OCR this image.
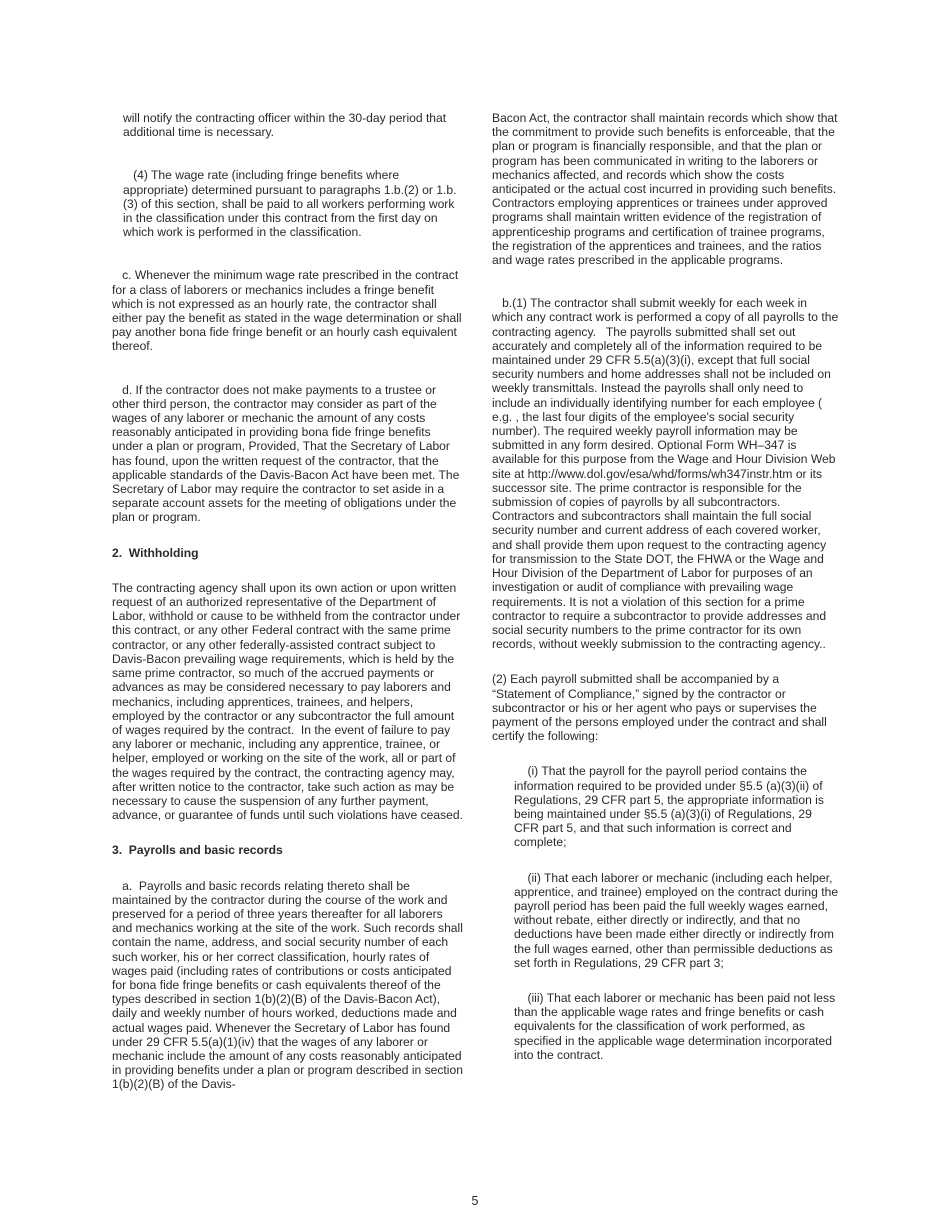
will notify the contracting officer within the 30-day period that additional time is necessary.

(4) The wage rate (including fringe benefits where appropriate) determined pursuant to paragraphs 1.b.(2) or 1.b.(3) of this section, shall be paid to all workers performing work in the classification under this contract from the first day on which work is performed in the classification.

c. Whenever the minimum wage rate prescribed in the contract for a class of laborers or mechanics includes a fringe benefit which is not expressed as an hourly rate, the contractor shall either pay the benefit as stated in the wage determination or shall pay another bona fide fringe benefit or an hourly cash equivalent thereof.

d. If the contractor does not make payments to a trustee or other third person, the contractor may consider as part of the wages of any laborer or mechanic the amount of any costs reasonably anticipated in providing bona fide fringe benefits under a plan or program, Provided, That the Secretary of Labor has found, upon the written request of the contractor, that the applicable standards of the Davis-Bacon Act have been met. The Secretary of Labor may require the contractor to set aside in a separate account assets for the meeting of obligations under the plan or program.

2.  Withholding

The contracting agency shall upon its own action or upon written request of an authorized representative of the Department of Labor, withhold or cause to be withheld from the contractor under this contract, or any other Federal contract with the same prime contractor, or any other federally-assisted contract subject to Davis-Bacon prevailing wage requirements, which is held by the same prime contractor, so much of the accrued payments or advances as may be considered necessary to pay laborers and mechanics, including apprentices, trainees, and helpers, employed by the contractor or any subcontractor the full amount of wages required by the contract.  In the event of failure to pay any laborer or mechanic, including any apprentice, trainee, or helper, employed or working on the site of the work, all or part of the wages required by the contract, the contracting agency may, after written notice to the contractor, take such action as may be necessary to cause the suspension of any further payment, advance, or guarantee of funds until such violations have ceased.

3.  Payrolls and basic records

a.  Payrolls and basic records relating thereto shall be maintained by the contractor during the course of the work and preserved for a period of three years thereafter for all laborers and mechanics working at the site of the work. Such records shall contain the name, address, and social security number of each such worker, his or her correct classification, hourly rates of wages paid (including rates of contributions or costs anticipated for bona fide fringe benefits or cash equivalents thereof of the types described in section 1(b)(2)(B) of the Davis-Bacon Act), daily and weekly number of hours worked, deductions made and actual wages paid. Whenever the Secretary of Labor has found under 29 CFR 5.5(a)(1)(iv) that the wages of any laborer or mechanic include the amount of any costs reasonably anticipated in providing benefits under a plan or program described in section 1(b)(2)(B) of the Davis-

Bacon Act, the contractor shall maintain records which show that the commitment to provide such benefits is enforceable, that the plan or program is financially responsible, and that the plan or program has been communicated in writing to the laborers or mechanics affected, and records which show the costs anticipated or the actual cost incurred in providing such benefits. Contractors employing apprentices or trainees under approved programs shall maintain written evidence of the registration of apprenticeship programs and certification of trainee programs, the registration of the apprentices and trainees, and the ratios and wage rates prescribed in the applicable programs.

b.(1) The contractor shall submit weekly for each week in which any contract work is performed a copy of all payrolls to the contracting agency.   The payrolls submitted shall set out accurately and completely all of the information required to be maintained under 29 CFR 5.5(a)(3)(i), except that full social security numbers and home addresses shall not be included on weekly transmittals. Instead the payrolls shall only need to include an individually identifying number for each employee ( e.g. , the last four digits of the employee's social security number). The required weekly payroll information may be submitted in any form desired. Optional Form WH–347 is available for this purpose from the Wage and Hour Division Web site at http://www.dol.gov/esa/whd/forms/wh347instr.htm or its successor site. The prime contractor is responsible for the submission of copies of payrolls by all subcontractors. Contractors and subcontractors shall maintain the full social security number and current address of each covered worker, and shall provide them upon request to the contracting agency for transmission to the State DOT, the FHWA or the Wage and Hour Division of the Department of Labor for purposes of an investigation or audit of compliance with prevailing wage requirements. It is not a violation of this section for a prime contractor to require a subcontractor to provide addresses and social security numbers to the prime contractor for its own records, without weekly submission to the contracting agency..

(2) Each payroll submitted shall be accompanied by a “Statement of Compliance,” signed by the contractor or subcontractor or his or her agent who pays or supervises the payment of the persons employed under the contract and shall certify the following:

(i) That the payroll for the payroll period contains the information required to be provided under §5.5 (a)(3)(ii) of Regulations, 29 CFR part 5, the appropriate information is being maintained under §5.5 (a)(3)(i) of Regulations, 29 CFR part 5, and that such information is correct and complete;

(ii) That each laborer or mechanic (including each helper, apprentice, and trainee) employed on the contract during the payroll period has been paid the full weekly wages earned, without rebate, either directly or indirectly, and that no deductions have been made either directly or indirectly from the full wages earned, other than permissible deductions as set forth in Regulations, 29 CFR part 3;

(iii) That each laborer or mechanic has been paid not less than the applicable wage rates and fringe benefits or cash equivalents for the classification of work performed, as specified in the applicable wage determination incorporated into the contract.

5
